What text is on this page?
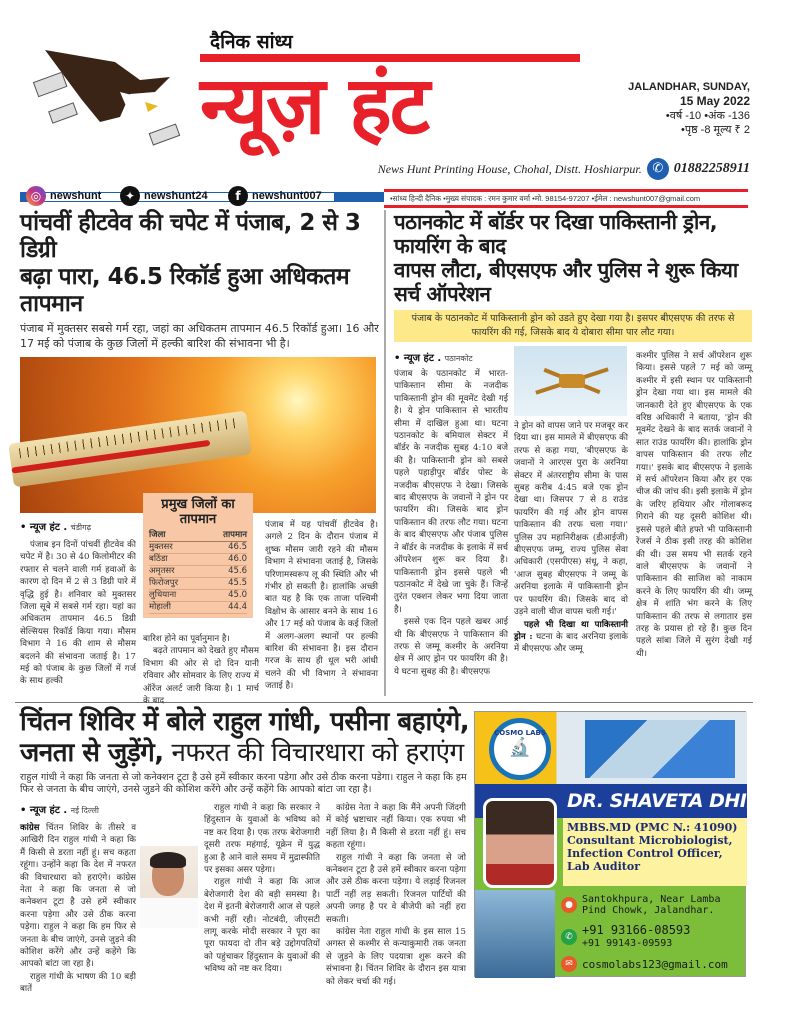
दैनिक सांध्य
न्यूज़ हंट	JALANDHAR, SUNDAY,
15 May 2022
•वर्ष -10 •अंक -136
•पृष्ठ -8 मूल्य ₹ 2
News Hunt Printing House, Chohal, Distt. Hoshiarpur. ✆ 01882258911
◎ newshunt	✦ newshunt24	f	newshunt007	•सांध्य हिन्दी दैनिक •मुख्य संपादक : रमन कुमार वर्मा •मो. 98154-97207 •ईमेल : newshunt007@gmail.com
पांचवीं हीटवेव की चपेट में पंजाब, 2 से 3 डिग्री
बढ़ा पारा, 46.5 रिकॉर्ड हुआ अधिकतम तापमान
पंजाब में मुक्तसर सबसे गर्म रहा, जहां का अधिकतम तापमान 46.5 रिकॉर्ड हुआ। 16 और 17 मई को पंजाब के कुछ जिलों में हल्की बारिश की संभावना भी है।
• न्यूज हंट . चंडीगढ़

पंजाब इन दिनों पांचवीं हीटवेव की चपेट में है। 30 से 40 किलोमीटर की रफ्तार से चलने वाली गर्म हवाओं के कारण दो दिन में 2 से 3 डिग्री पारे में वृद्धि हुई है। शनिवार को मुक्तसर जिला सूबे में सबसे गर्म रहा। यहां का अधिकतम तापमान 46.5 डिग्री सेल्सियस रिकॉर्ड किया गया। मौसम विभाग ने 16 की शाम से मौसम बदलने की संभावना जताई है। 17 मई को पंजाब के कुछ जिलों में गर्ज के साथ हल्की

प्रमुख जिलों का तापमान
जिला	तापमान
मुक्तसर	46.5
बठिंडा	46.0
अमृतसर	45.6
फिरोजपुर	45.5
लुधियाना	45.0
मोहाली	44.4
बारिश होने का पूर्वानुमान है।

बढ़ते तापमान को देखते हुए मौसम विभाग की ओर से दो दिन यानी रविवार और सोमवार के लिए राज्य में ऑरेंज अलर्ट जारी किया है। 1 मार्च के बाद

पंजाब में यह पांचवीं हीटवेव है। अगले 2 दिन के दौरान पंजाब में शुष्क मौसम जारी रहने की मौसम विभाग ने संभावना जताई है, जिसके परिणामस्वरूप लू की स्थिति और भी गंभीर हो सकती है। हालांकि अच्छी बात यह है कि एक ताजा पश्चिमी विक्षोभ के आसार बनने के साथ 16 और 17 मई को पंजाब के कई जिलों में अलग-अलग स्थानों पर हल्की बारिश की संभावना है। इस दौरान गरज के साथ ही धूल भरी आंधी चलने की भी विभाग ने संभावना जताई है।
पठानकोट में बॉर्डर पर दिखा पाकिस्तानी ड्रोन, फायरिंग के बाद
वापस लौटा, बीएसएफ और पुलिस ने शुरू किया सर्च ऑपरेशन
पंजाब के पठानकोट में पाकिस्तानी ड्रोन को उडते हुए देखा गया है। इसपर बीएसएफ की तरफ से फायरिंग की गई, जिसके बाद ये दोबारा सीमा पार लौट गया।
• न्यूज हंट . पठानकोट
पंजाब के पठानकोट में भारत-पाकिस्तान सीमा के नजदीक पाकिस्तानी ड्रोन की मूवमेंट देखी गई है। ये ड्रोन पाकिस्तान से भारतीय सीमा में दाखिल हुआ था। घटना पठानकोट के बमियाल सेक्टर में बॉर्डर के नजदीक सुबह 4:10 बजे की है। पाकिस्तानी ड्रोन को सबसे पहले पहाड़ीपुर बॉर्डर पोस्ट के नजदीक बीएसएफ ने देखा। जिसके बाद बीएसएफ के जवानों ने ड्रोन पर फायरिंग की। जिसके बाद ड्रोन पाकिस्तान की तरफ लौट गया। घटना के बाद बीएसएफ और पंजाब पुलिस ने बॉर्डर के नजदीक के इलाके में सर्च ऑपरेशन शुरू कर दिया है। पाकिस्तानी ड्रोन इससे पहले भी पठानकोट में देखे जा चुके हैं। जिन्हें तुरंत एक्शन लेकर भगा दिया जाता है।

इससे एक दिन पहले खबर आई थी कि बीएसएफ ने पाकिस्तान की तरफ से जम्मू कश्मीर के अरनिया क्षेत्र में आए ड्रोन पर फायरिंग की है। ये घटना सुबह की है। बीएसएफ

ने ड्रोन को वापस जाने पर मजबूर कर दिया था। इस मामले में बीएसएफ की तरफ से कहा गया, 'बीएसएफ के जवानों ने आरएस पुरा के अरनिया सेक्टर में अंतरराष्ट्रीय सीमा के पास सुबह करीब 4:45 बजे एक ड्रोन देखा था। जिसपर 7 से 8 राउंड फायरिंग की गई और ड्रोन वापस पाकिस्तान की तरफ चला गया।' पुलिस उप महानिरीक्षक (डीआईजी) बीएसएफ जम्मू, राज्य पुलिस सेवा अधिकारी (एसपीएस) संधू, ने कहा, 'आज सुबह बीएसएफ ने जम्मू के अरनिया इलाके में पाकिस्तानी ड्रोन पर फायरिंग की। जिसके बाद वो उड़ने वाली चीज वापस चली गई।'

पहले भी दिखा था पाकिस्तानी ड्रोन : घटना के बाद अरनिया इलाके में बीएसएफ और जम्मू

कश्मीर पुलिस ने सर्च ऑपरेशन शुरू किया। इससे पहले 7 मई को जम्मू कश्मीर में इसी स्थान पर पाकिस्तानी ड्रोन देखा गया था। इस मामले की जानकारी देते हुए बीएसएफ के एक वरिष्ठ अधिकारी ने बताया, 'ड्रोन की मूवमेंट देखने के बाद सतर्क जवानों ने सात राउंड फायरिंग की। हालांकि ड्रोन वापस पाकिस्तान की तरफ लौट गया।' इसके बाद बीएसएफ ने इलाके में सर्च ऑपरेशन किया और हर एक चीज की जांच की। इसी इलाके में ड्रोन के जरिए हथियार और गोलाबरूद गिराने की यह दूसरी कोशिश थी। इससे पहले बीते हफ्ते भी पाकिस्तानी रेंजर्स ने ठीक इसी तरह की कोशिश की थी। उस समय भी सतर्क रहने वाले बीएसएफ के जवानों ने पाकिस्तान की साजिश को नाकाम करने के लिए फायरिंग की थी। जम्मू क्षेत्र में शांति भंग करने के लिए पाकिस्तान की तरफ से लगातार इस तरह के प्रयास हो रहे हैं। कुछ दिन पहले सांबा जिले में सुरंग देखी गई थी।
चिंतन शिविर में बोले राहुल गांधी, पसीना बहाएंगे,
जनता से जुड़ेंगे, नफरत की विचारधारा को हराएंग
राहुल गांधी ने कहा कि जनता से जो कनेक्शन टूटा है उसे हमें स्वीकार करना पडेगा और उसे ठीक करना पडेगा। राहुल ने कहा कि हम फिर से जनता के बीच जाएंगे, उनसे जुडने की कोशिश करेंगे और उन्हें कहेंगे कि आपको बांटा जा रहा है।
• न्यूज हंट . नई दिल्ली
कांग्रेस चिंतन शिविर के तीसरे व आखिरी दिन राहुल गांधी ने कहा कि मैं किसी से डरता नहीं हूं। सच कहता रहूंगा। उन्होंने कहा कि देश में नफरत की विचारधारा को हराएंगे। कांग्रेस नेता ने कहा कि जनता से जो कनेक्शन टूटा है उसे हमें स्वीकार करना पड़ेगा और उसे ठीक करना पड़ेगा। राहुल ने कहा कि हम फिर से जनता के बीच जाएंगे, उनसे जुड़ने की कोशिश करेंगे और उन्हें कहेंगे कि आपको बांटा जा रहा है।

राहुल गांधी के भाषण की 10 बड़ी बातें

राहुल गांधी ने कहा कि सरकार ने हिंदुस्तान के युवाओं के भविष्य को नष्ट कर दिया है। एक तरफ बेरोजगारी दूसरी तरफ महंगाई, यूक्रेन में युद्ध हुआ है आने वाले समय में मुद्रास्फीति पर इसका असर पड़ेगा।

राहुल गांधी ने कहा कि आज बेरोजगारी देश की बड़ी समस्या है। देश में इतनी बेरोजगारी आज से पहले कभी नहीं रही। नोटबंदी, जीएसटी लागू करके मोदी सरकार ने पूरा का पूरा फायदा दो तीन बड़े उद्दोगपतियों को पहुंचाकर हिंदुस्तान के युवाओं की भविष्य को नष्ट कर दिया।

कांग्रेस नेता ने कहा कि मैंने अपनी जिंदगी में कोई भ्रष्टाचार नहीं किया। एक रुपया भी नहीं लिया है। मैं किसी से डरता नहीं हूं। सच कहता रहूंगा।

राहुल गांधी ने कहा कि जनता से जो कनेक्शन टूटा है उसे हमें स्वीकार करना पड़ेगा और उसे ठीक करना पड़ेगा। ये लड़ाई रिजनल पार्टी नहीं लड़ सकती। रिजनल पार्टियों की अपनी जगह है पर वे बीजेपी को नहीं हरा सकती।

कांग्रेस नेता राहुल गांधी के इस साल 15 अगस्त से कश्मीर से कन्याकुमारी तक जनता से जुड़ने के लिए पदयात्रा शुरू करने की संभावना है। चिंतन शिविर के दौरान इस यात्रा को लेकर चर्चा की गई।

COSMO LABS
🔬
DR. SHAVETA DHIMAN
MBBS.MD (PMC N.: 41090)
Consultant Microbiologist,
Infection Control Officer,
Lab Auditor
● Santokhpura, Near Lamba
Pind Chowk, Jalandhar.
✆ +91 93166-08593
+91 99143-09593
✉ cosmolabs123@gmail.com
